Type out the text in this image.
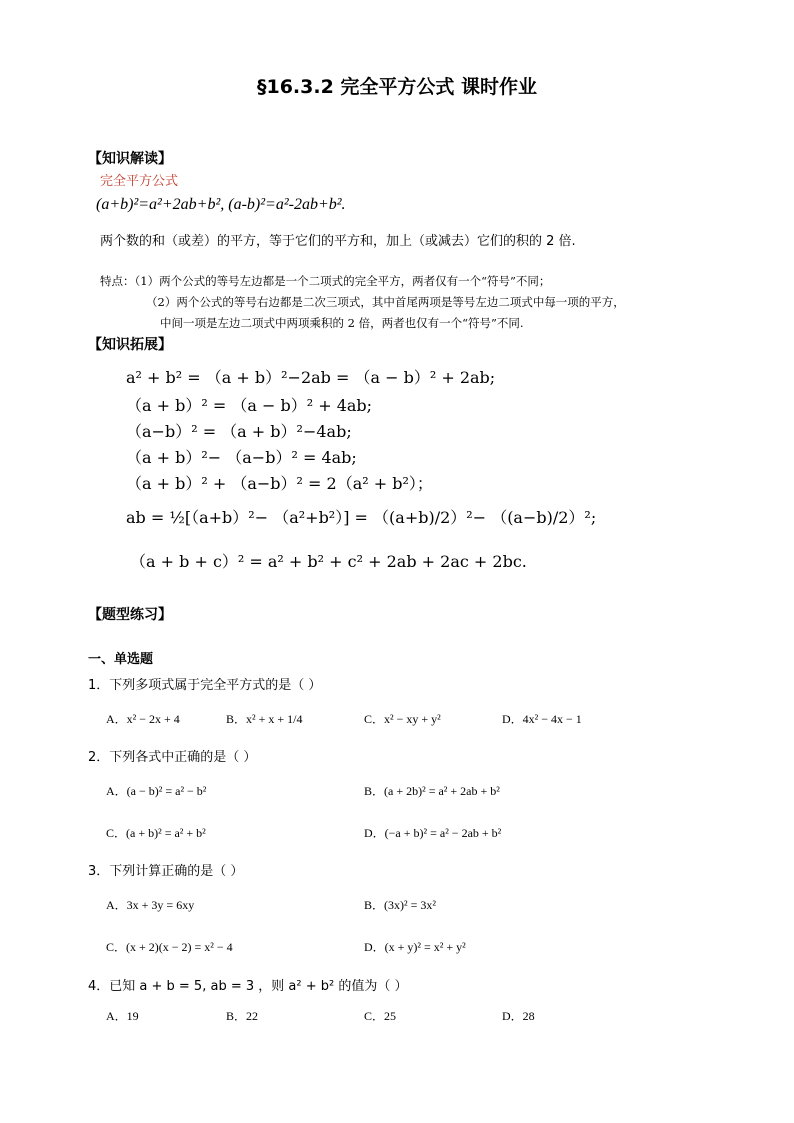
§16.3.2 完全平方公式 课时作业
【知识解读】
完全平方公式
(a+b)²=a²+2ab+b², (a-b)²=a²-2ab+b².
两个数的和（或差）的平方，等于它们的平方和，加上（或减去）它们的积的 2 倍.
特点：（1）两个公式的等号左边都是一个二项式的完全平方，两者仅有一个“符号”不同；
（2）两个公式的等号右边都是二次三项式，其中首尾两项是等号左边二项式中每一项的平方，
中间一项是左边二项式中两项乘积的 2 倍，两者也仅有一个“符号”不同.
【知识拓展】
a² + b² = （a + b）²−2ab = （a − b）² + 2ab;
（a + b）² = （a − b）² + 4ab;
（a−b）² = （a + b）²−4ab;
（a + b）²− （a−b）² = 4ab;
（a + b）² + （a−b）² = 2（a² + b²）；
ab = ½[（a+b）²− （a²+b²）] = （(a+b)/2）²− （(a−b)/2）²;
（a + b + c）² = a² + b² + c² + 2ab + 2ac + 2bc.
【题型练习】
一、单选题
1．下列多项式属于完全平方式的是（ ）
A．x² − 2x + 4	B．x² + x + 1/4	C．x² − xy + y²	D．4x² − 4x − 1
2．下列各式中正确的是（ ）
A．(a − b)² = a² − b²	B．(a + 2b)² = a² + 2ab + b²
C．(a + b)² = a² + b²	D．(−a + b)² = a² − 2ab + b²
3．下列计算正确的是（ ）
A．3x + 3y = 6xy	B．(3x)² = 3x²
C．(x + 2)(x − 2) = x² − 4	D．(x + y)² = x² + y²
4．已知 a + b = 5, ab = 3 ，则 a² + b² 的值为（ ）
A．19	B．22	C．25	D．28
